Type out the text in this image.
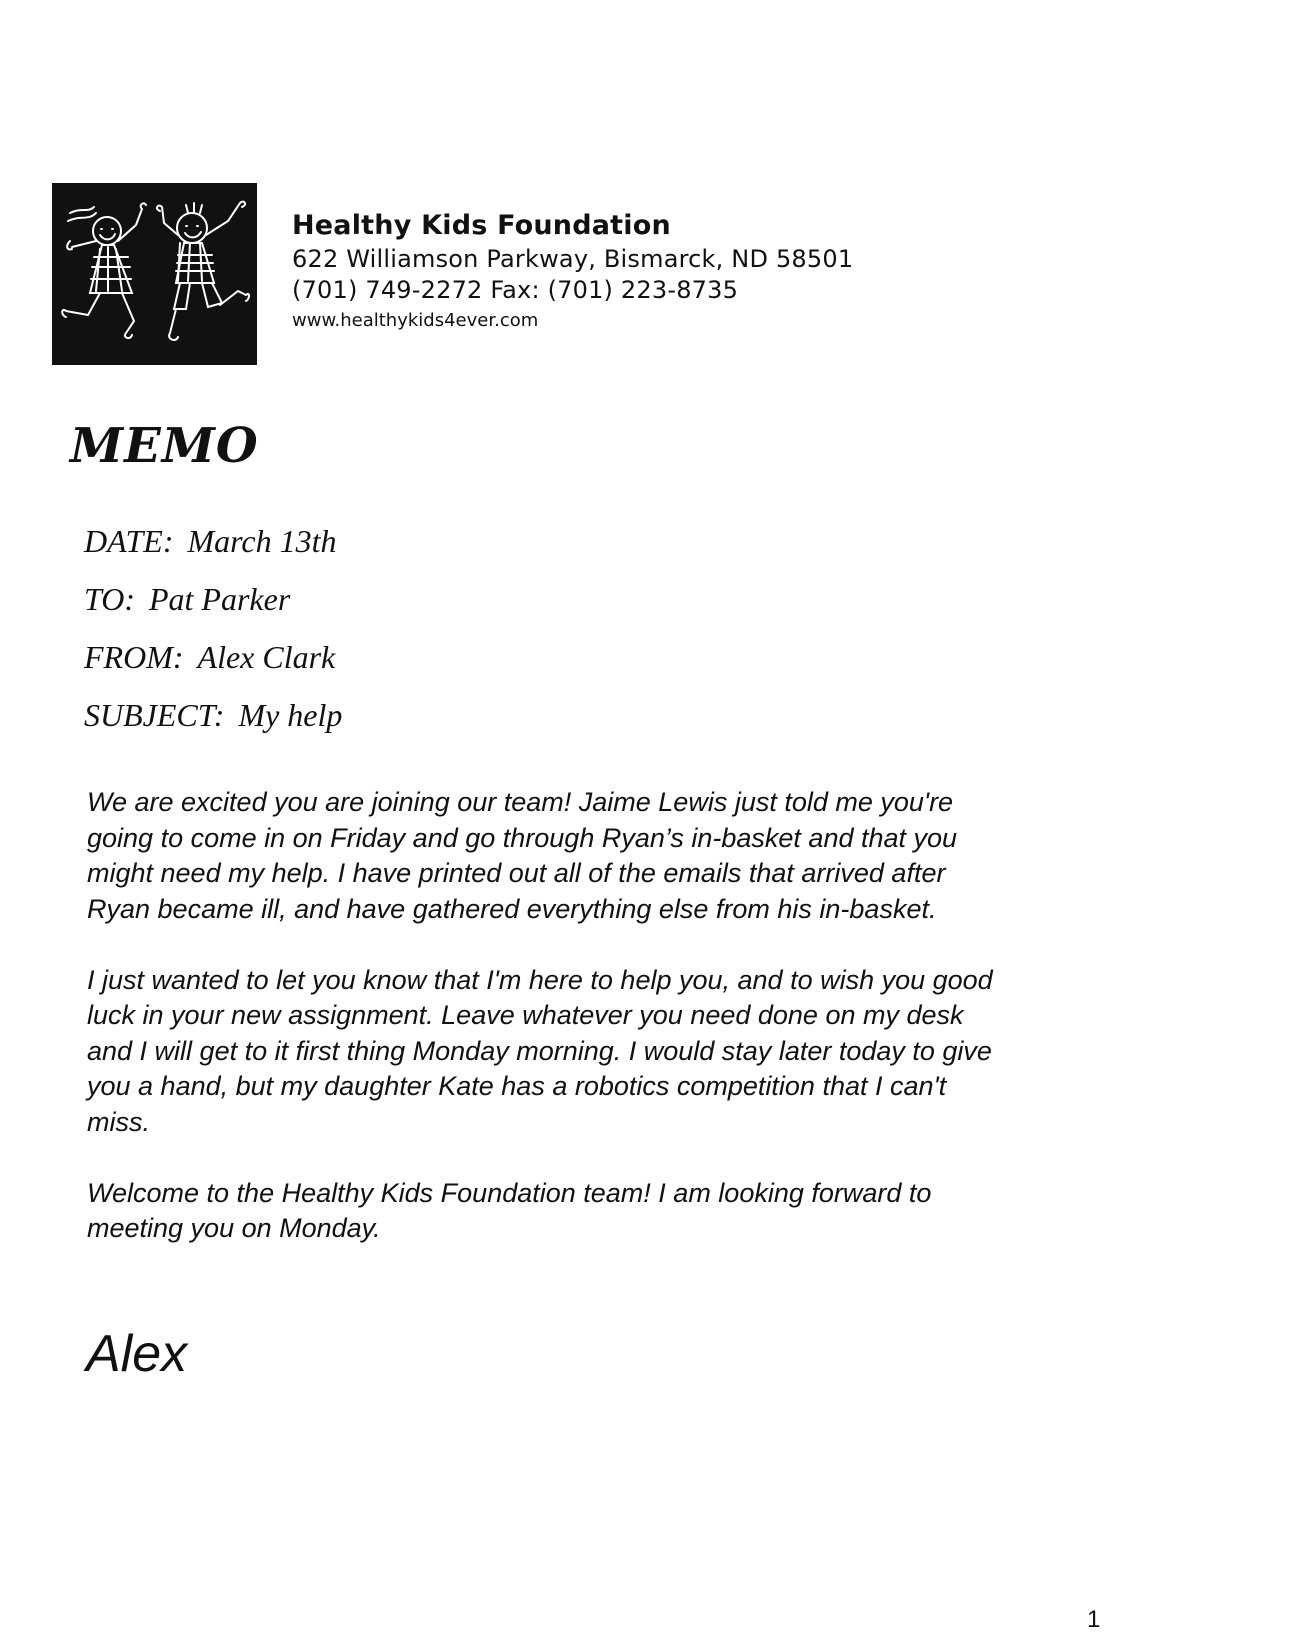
Healthy Kids Foundation
622 Williamson Parkway, Bismarck, ND 58501
(701) 749-2272 Fax: (701) 223-8735
www.healthykids4ever.com
MEMO
DATE: March 13th
TO: Pat Parker
FROM: Alex Clark
SUBJECT: My help

We are excited you are joining our team! Jaime Lewis just told me you're going to come in on Friday and go through Ryan’s in-basket and that you might need my help. I have printed out all of the emails that arrived after Ryan became ill, and have gathered everything else from his in-basket.

I just wanted to let you know that I'm here to help you, and to wish you good luck in your new assignment. Leave whatever you need done on my desk and I will get to it first thing Monday morning. I would stay later today to give you a hand, but my daughter Kate has a robotics competition that I can't miss.

Welcome to the Healthy Kids Foundation team! I am looking forward to meeting you on Monday.

Alex
1
